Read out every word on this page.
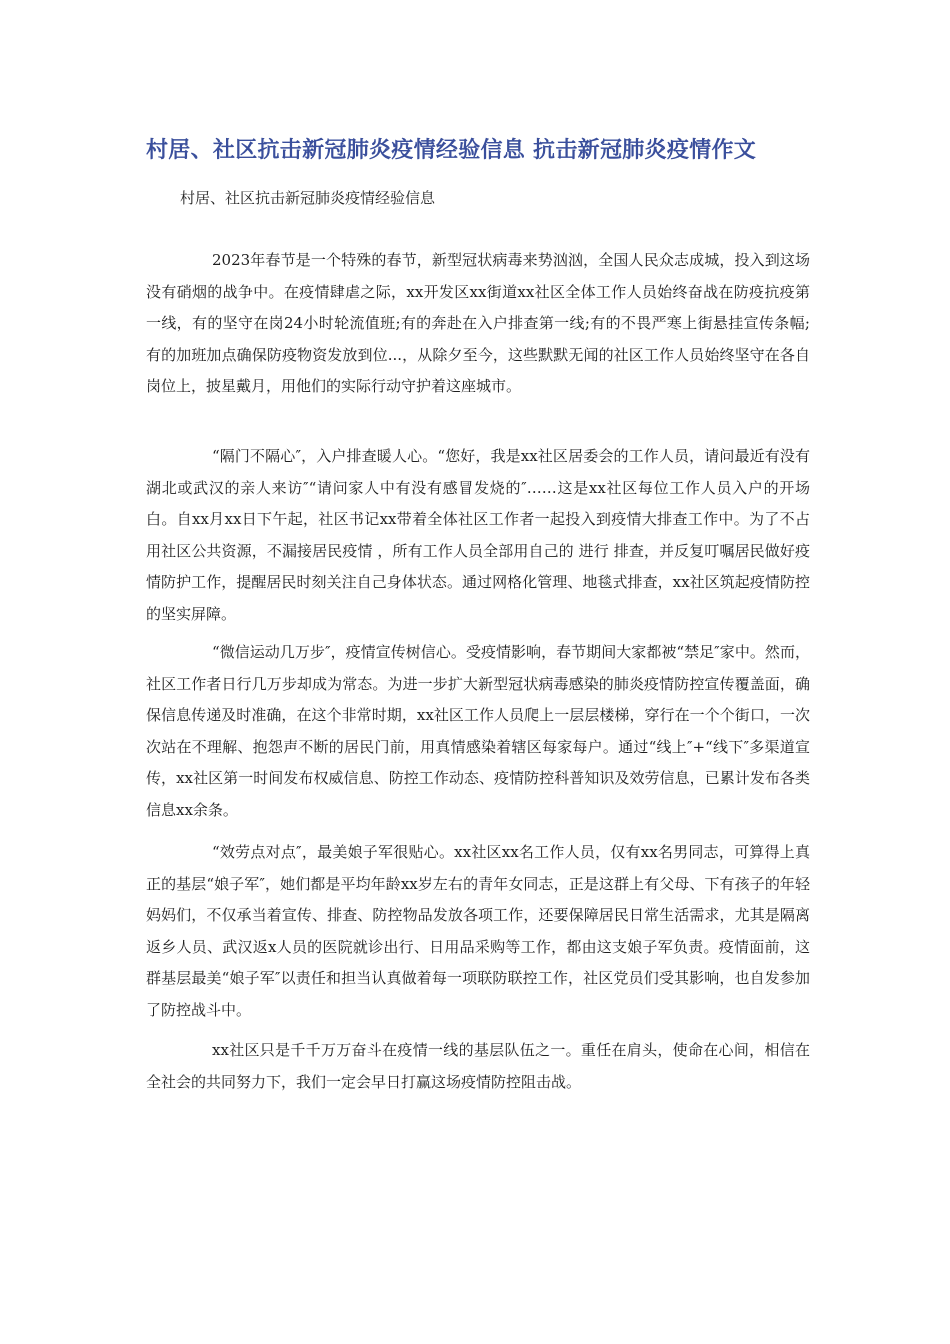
村居、社区抗击新冠肺炎疫情经验信息 抗击新冠肺炎疫情作文
村居、社区抗击新冠肺炎疫情经验信息

2023年春节是一个特殊的春节，新型冠状病毒来势汹汹，全国人民众志成城，投入到这场没有硝烟的战争中。在疫情肆虐之际，xx开发区xx街道xx社区全体工作人员始终奋战在防疫抗疫第一线，有的坚守在岗24小时轮流值班;有的奔赴在入户排查第一线;有的不畏严寒上街悬挂宣传条幅;有的加班加点确保防疫物资发放到位...，从除夕至今，这些默默无闻的社区工作人员始终坚守在各自岗位上，披星戴月，用他们的实际行动守护着这座城市。

“隔门不隔心″，入户排查暖人心。“您好，我是xx社区居委会的工作人员，请问最近有没有湖北或武汉的亲人来访″“请问家人中有没有感冒发烧的″……这是xx社区每位工作人员入户的开场白。自xx月xx日下午起，社区书记xx带着全体社区工作者一起投入到疫情大排查工作中。为了不占用社区公共资源，不漏接居民疫情 ，所有工作人员全部用自己的 进行 排查，并反复叮嘱居民做好疫情防护工作，提醒居民时刻关注自己身体状态。通过网格化管理、地毯式排查，xx社区筑起疫情防控的坚实屏障。

“微信运动几万步″，疫情宣传树信心。受疫情影响，春节期间大家都被“禁足″家中。然而，社区工作者日行几万步却成为常态。为进一步扩大新型冠状病毒感染的肺炎疫情防控宣传覆盖面，确保信息传递及时准确，在这个非常时期，xx社区工作人员爬上一层层楼梯，穿行在一个个街口，一次次站在不理解、抱怨声不断的居民门前，用真情感染着辖区每家每户。通过“线上″+“线下″多渠道宣传，xx社区第一时间发布权威信息、防控工作动态、疫情防控科普知识及效劳信息，已累计发布各类信息xx余条。

“效劳点对点″，最美娘子军很贴心。xx社区xx名工作人员，仅有xx名男同志，可算得上真正的基层“娘子军″，她们都是平均年龄xx岁左右的青年女同志，正是这群上有父母、下有孩子的年轻妈妈们，不仅承当着宣传、排查、防控物品发放各项工作，还要保障居民日常生活需求，尤其是隔离返乡人员、武汉返x人员的医院就诊出行、日用品采购等工作，都由这支娘子军负责。疫情面前，这群基层最美“娘子军″以责任和担当认真做着每一项联防联控工作，社区党员们受其影响，也自发参加了防控战斗中。

xx社区只是千千万万奋斗在疫情一线的基层队伍之一。重任在肩头，使命在心间，相信在全社会的共同努力下，我们一定会早日打赢这场疫情防控阻击战。
